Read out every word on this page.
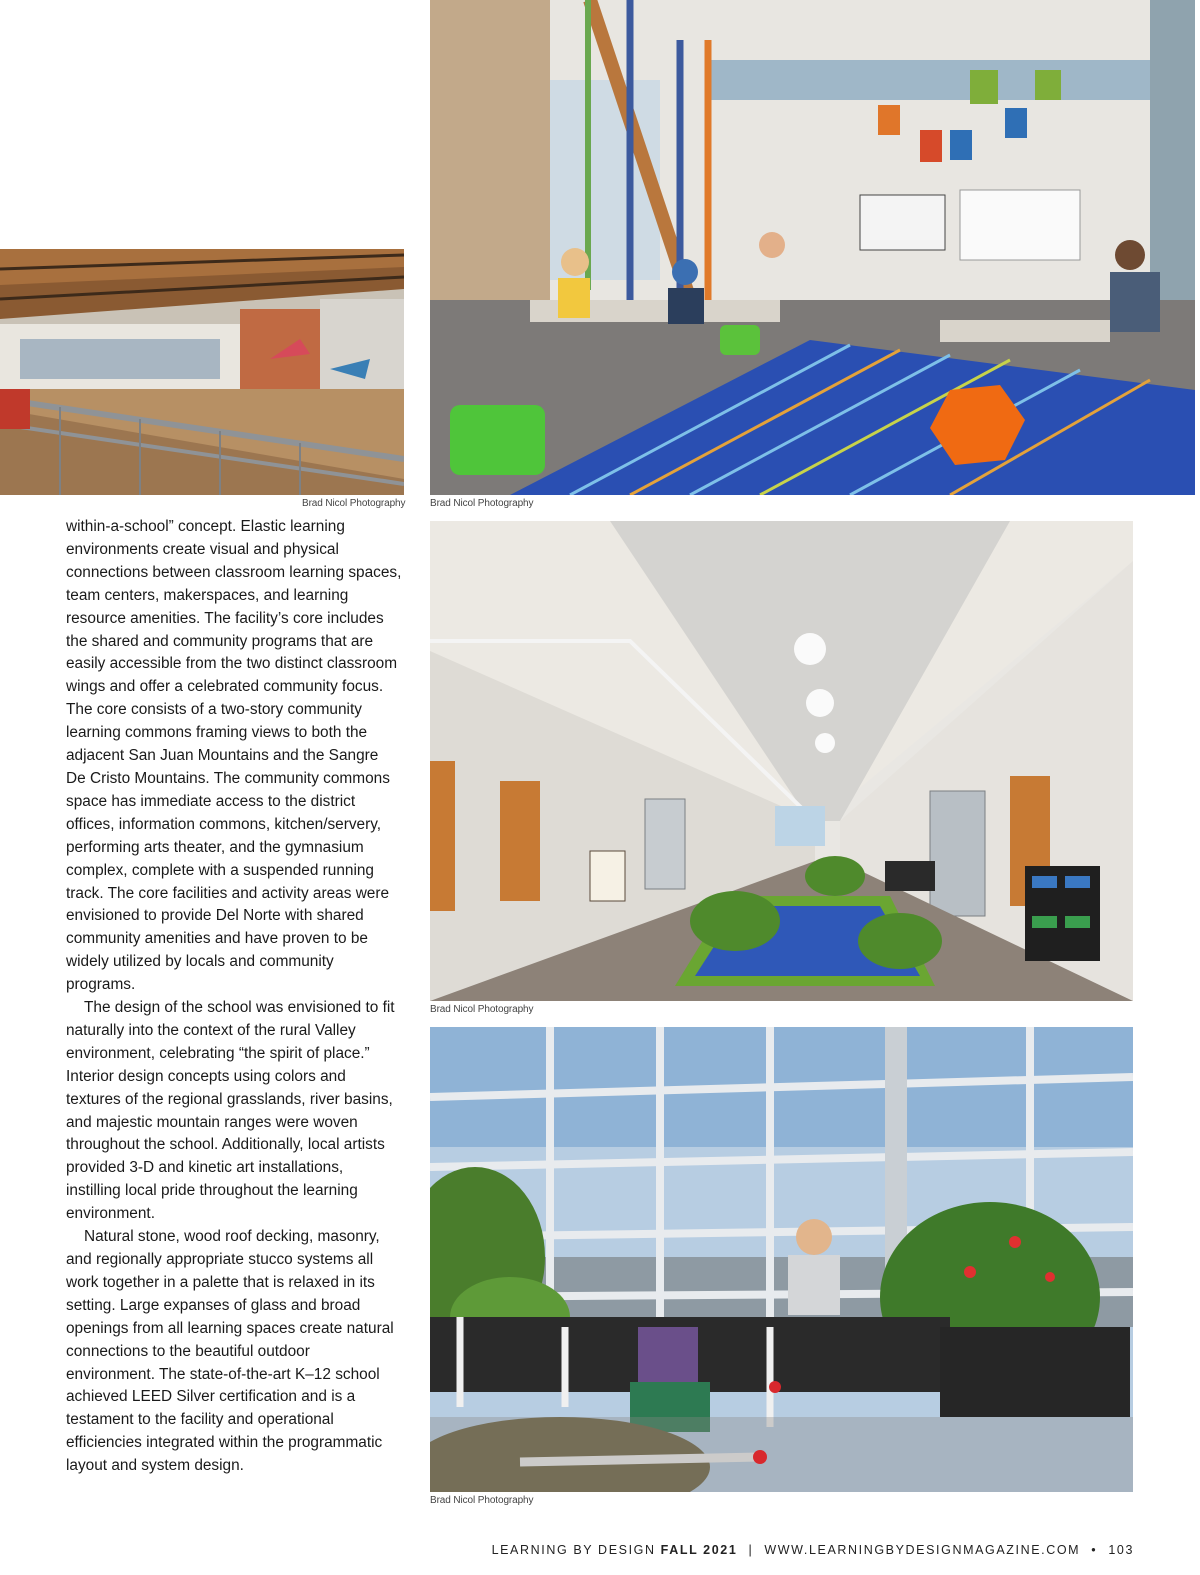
Brad Nicol Photography Brad Nicol Photography
Brad Nicol Photography
Brad Nicol Photography

within-a-school” concept. Elastic learning environments create visual and physical connections between classroom learning spaces, team centers, makerspaces, and learning resource amenities. The facility’s core includes the shared and community programs that are easily accessible from the two distinct classroom wings and offer a celebrated community focus. The core consists of a two-story community learning commons framing views to both the adjacent San Juan Mountains and the Sangre De Cristo Mountains. The community commons space has immediate access to the district offices, information commons, kitchen/servery, performing arts theater, and the gymnasium complex, complete with a suspended running track. The core facilities and activity areas were envisioned to provide Del Norte with shared community amenities and have proven to be widely utilized by locals and community programs.

The design of the school was envisioned to fit naturally into the context of the rural Valley environment, celebrating “the spirit of place.” Interior design concepts using colors and textures of the regional grasslands, river basins, and majestic mountain ranges were woven throughout the school. Additionally, local artists provided 3-D and kinetic art installations, instilling local pride throughout the learning environment.

Natural stone, wood roof decking, masonry, and regionally appropriate stucco systems all work together in a palette that is relaxed in its setting. Large expanses of glass and broad openings from all learning spaces create natural connections to the beautiful outdoor environment. The state-of-the-art K–12 school achieved LEED Silver certification and is a testament to the facility and operational efficiencies integrated within the programmatic layout and system design.

LEARNING BY DESIGN FALL 2021 | WWW.LEARNINGBYDESIGNMAGAZINE.COM • 103
